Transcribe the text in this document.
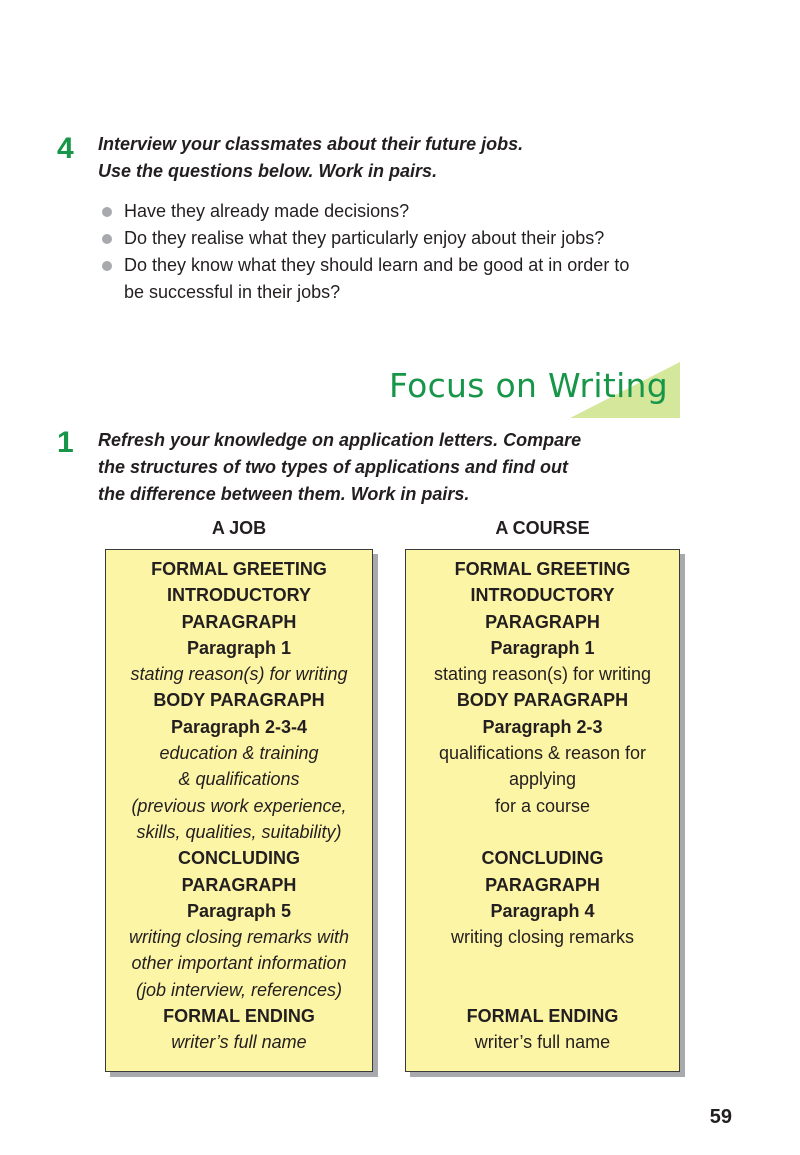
4 Interview your classmates about their future jobs.
Use the questions below. Work in pairs.
Have they already made decisions?
Do they realise what they particularly enjoy about their jobs?
Do they know what they should learn and be good at in order to
be successful in their jobs?
Focus on Writing
1 Refresh your knowledge on application letters. Compare
the structures of two types of applications and find out
the difference between them. Work in pairs.
A JOB	A COURSE
FORMAL GREETING
INTRODUCTORY
PARAGRAPH
Paragraph 1
stating reason(s) for writing
BODY PARAGRAPH
Paragraph 2-3-4
education & training
& qualifications
(previous work experience,
skills, qualities, suitability)
CONCLUDING
PARAGRAPH
Paragraph 5
writing closing remarks with
other important information
(job interview, references)
FORMAL ENDING
writer’s full name
FORMAL GREETING
INTRODUCTORY
PARAGRAPH
Paragraph 1
stating reason(s) for writing
BODY PARAGRAPH
Paragraph 2-3
qualifications & reason for
applying
for a course

CONCLUDING
PARAGRAPH
Paragraph 4
writing closing remarks

FORMAL ENDING
writer’s full name
59
